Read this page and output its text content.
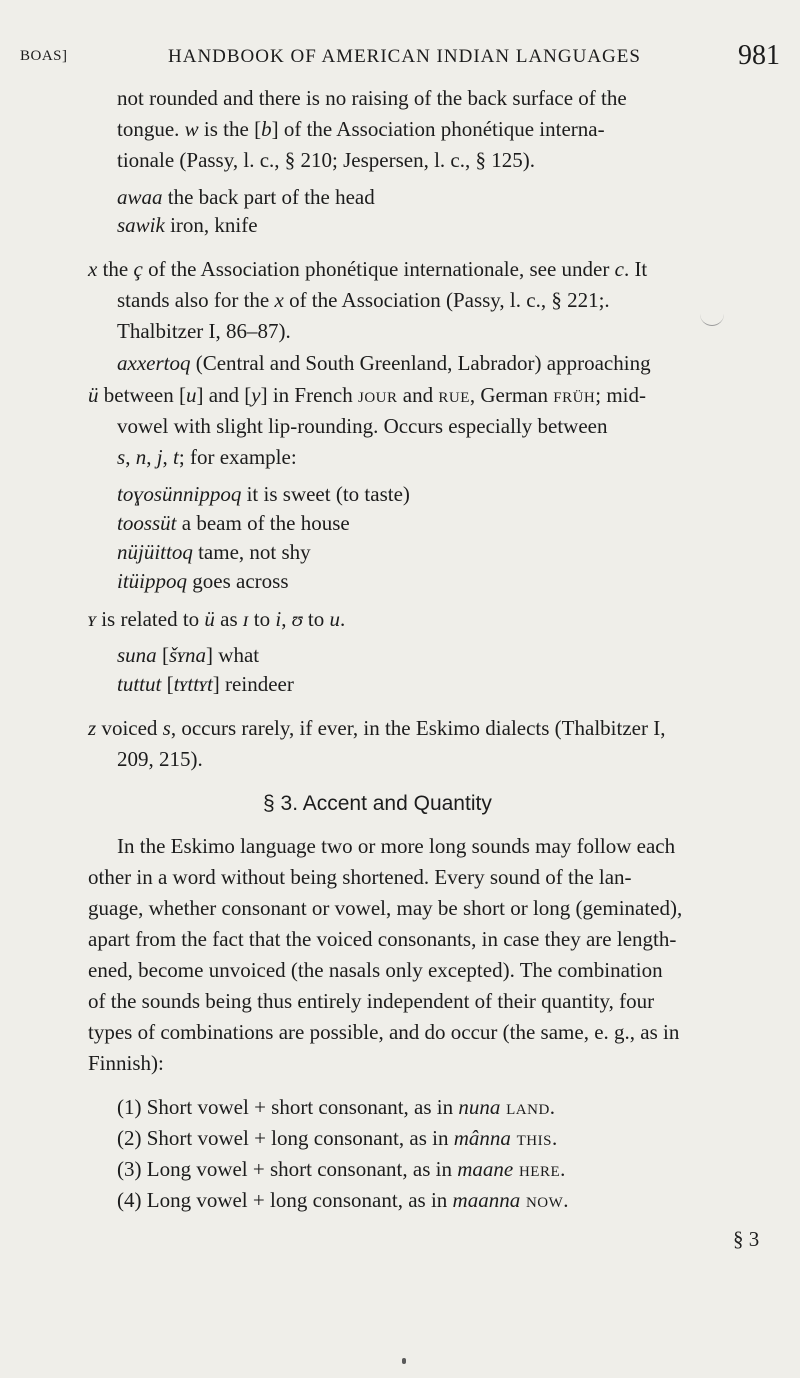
BOAS]	HANDBOOK OF AMERICAN INDIAN LANGUAGES	981
not rounded and there is no raising of the back surface of the
tongue. w is the [b] of the Association phonétique interna-
tionale (Passy, l. c., § 210; Jespersen, l. c., § 125).
awaa the back part of the head
sawik iron, knife
x the ç of the Association phonétique internationale, see under c. It
stands also for the x of the Association (Passy, l. c., § 221;.
Thalbitzer I, 86–87).
axxertoq (Central and South Greenland, Labrador) approaching
ü between [u] and [y] in French jour and rue, German früh; mid-
vowel with slight lip-rounding. Occurs especially between
s, n, j, t; for example:
toɣosünnippoq it is sweet (to taste)
toossüt a beam of the house
nüjüittoq tame, not shy
itüippoq goes across
ʏ is related to ü as ɪ to i, ʊ to u.
suna [šʏna] what
tuttut [tʏttʏt] reindeer
z voiced s, occurs rarely, if ever, in the Eskimo dialects (Thalbitzer I,
209, 215).
§ 3. Accent and Quantity
In the Eskimo language two or more long sounds may follow each
other in a word without being shortened. Every sound of the lan-
guage, whether consonant or vowel, may be short or long (geminated),
apart from the fact that the voiced consonants, in case they are length-
ened, become unvoiced (the nasals only excepted). The combination
of the sounds being thus entirely independent of their quantity, four
types of combinations are possible, and do occur (the same, e. g., as in
Finnish):
(1) Short vowel + short consonant, as in nuna land.
(2) Short vowel + long consonant, as in mânna this.
(3) Long vowel + short consonant, as in maane here.
(4) Long vowel + long consonant, as in maanna now.
§ 3
